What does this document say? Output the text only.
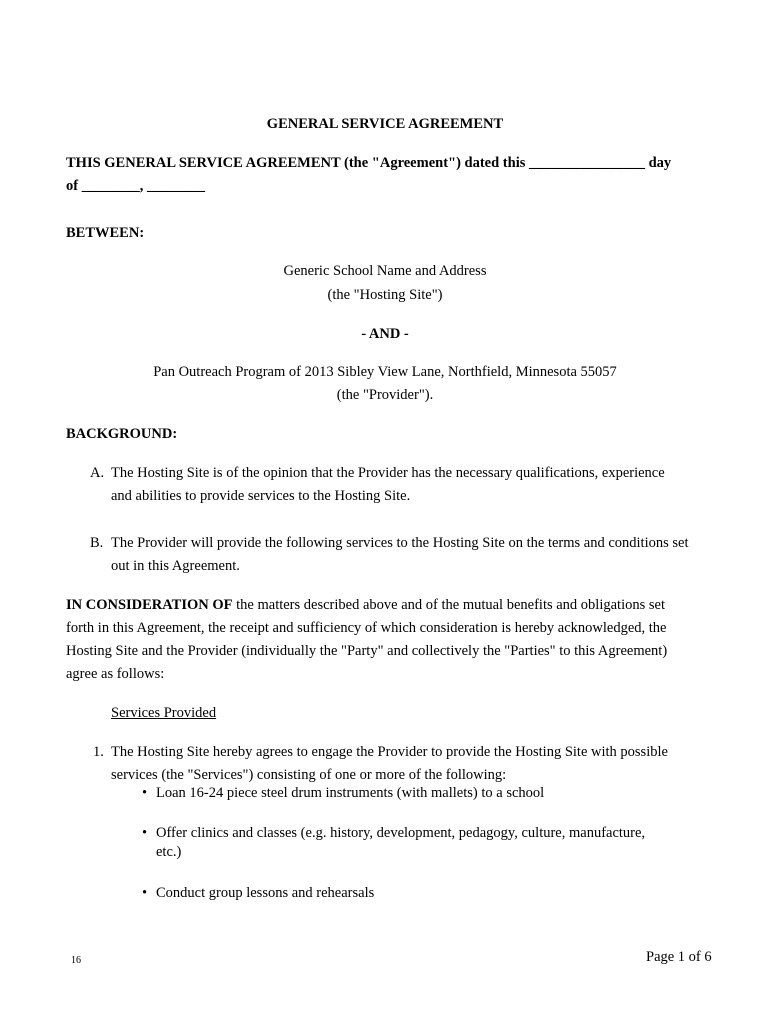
GENERAL SERVICE AGREEMENT
THIS GENERAL SERVICE AGREEMENT (the "Agreement") dated this ________________ day
of ________, ________
BETWEEN:
Generic School Name and Address
(the "Hosting Site")
- AND -
Pan Outreach Program of 2013 Sibley View Lane, Northfield, Minnesota 55057
(the "Provider").
BACKGROUND:
A. The Hosting Site is of the opinion that the Provider has the necessary qualifications, experience
and abilities to provide services to the Hosting Site.
B. The Provider will provide the following services to the Hosting Site on the terms and conditions set
out in this Agreement.
IN CONSIDERATION OF the matters described above and of the mutual benefits and obligations set
forth in this Agreement, the receipt and sufficiency of which consideration is hereby acknowledged, the
Hosting Site and the Provider (individually the "Party" and collectively the "Parties" to this Agreement)
agree as follows:
Services Provided
1. The Hosting Site hereby agrees to engage the Provider to provide the Hosting Site with possible
services (the "Services") consisting of one or more of the following:
• Loan 16-24 piece steel drum instruments (with mallets) to a school
• Offer clinics and classes (e.g. history, development, pedagogy, culture, manufacture,
etc.)
• Conduct group lessons and rehearsals
16	Page 1 of 6
